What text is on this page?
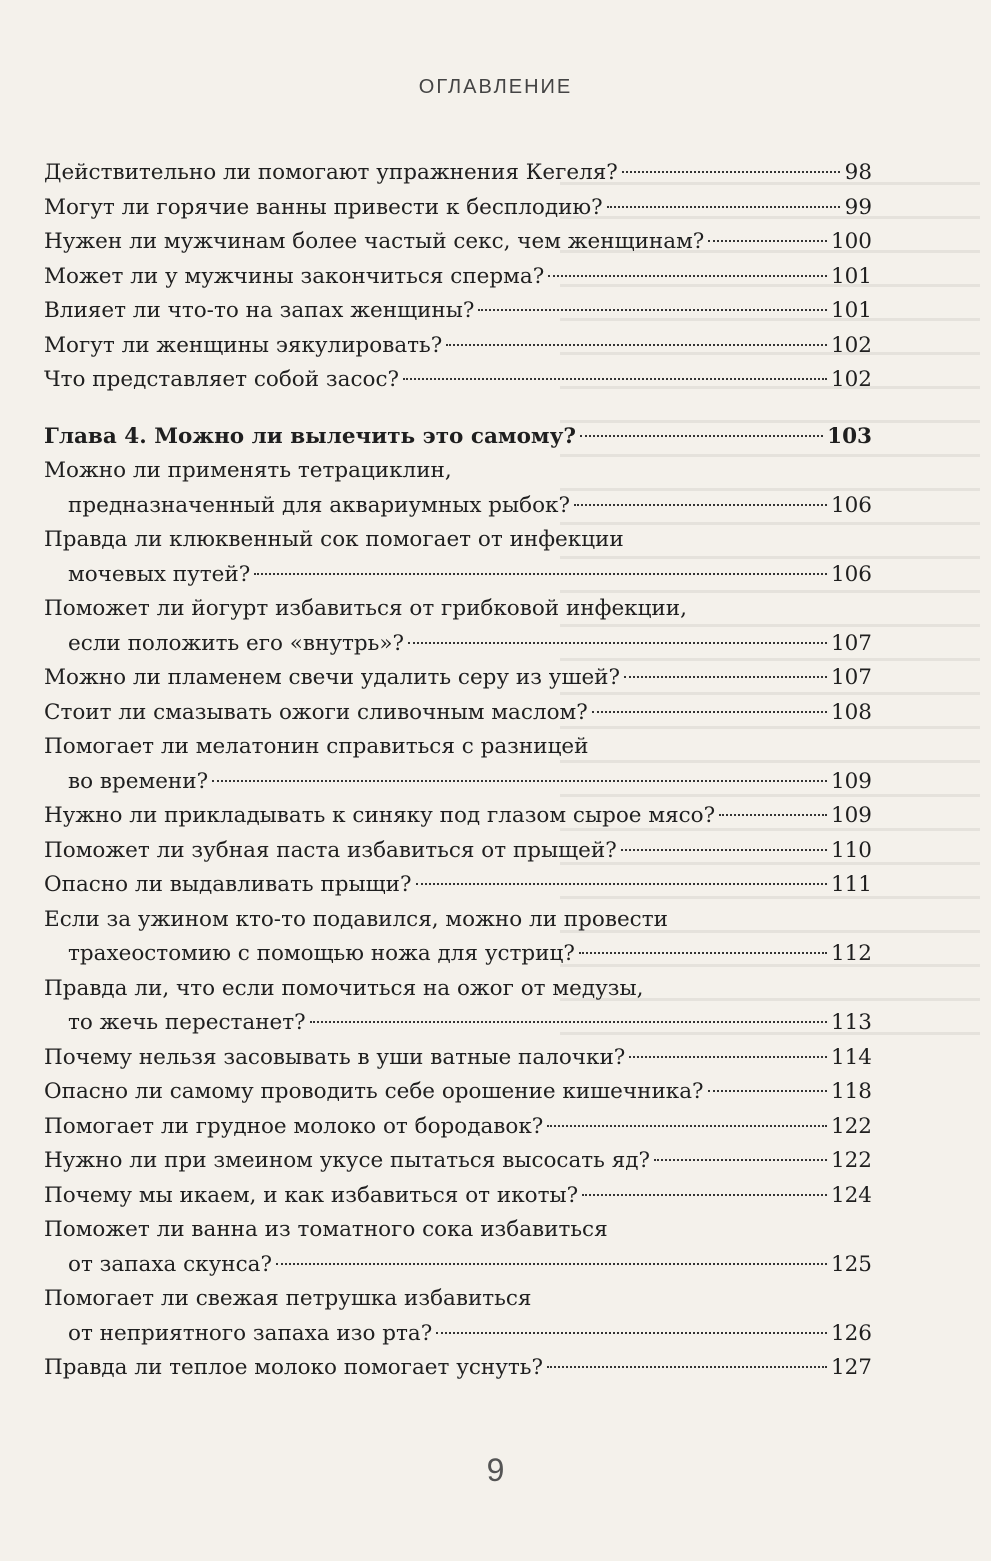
ОГЛАВЛЕНИЕ
Действительно ли помогают упражнения Кегеля?	98
Могут ли горячие ванны привести к бесплодию?	99
Нужен ли мужчинам более частый секс, чем женщинам?	100
Может ли у мужчины закончиться сперма?	101
Влияет ли что-то на запах женщины?	101
Могут ли женщины эякулировать?	102
Что представляет собой засос?	102
Глава 4. Можно ли вылечить это самому?	103
Можно ли применять тетрациклин,
предназначенный для аквариумных рыбок?	106
Правда ли клюквенный сок помогает от инфекции
мочевых путей?	106
Поможет ли йогурт избавиться от грибковой инфекции,
если положить его «внутрь»?	107
Можно ли пламенем свечи удалить серу из ушей?	107
Стоит ли смазывать ожоги сливочным маслом?	108
Помогает ли мелатонин справиться с разницей
во времени?	109
Нужно ли прикладывать к синяку под глазом сырое мясо?	109
Поможет ли зубная паста избавиться от прыщей?	110
Опасно ли выдавливать прыщи?	111
Если за ужином кто-то подавился, можно ли провести
трахеостомию с помощью ножа для устриц?	112
Правда ли, что если помочиться на ожог от медузы,
то жечь перестанет?	113
Почему нельзя засовывать в уши ватные палочки?	114
Опасно ли самому проводить себе орошение кишечника?	118
Помогает ли грудное молоко от бородавок?	122
Нужно ли при змеином укусе пытаться высосать яд?	122
Почему мы икаем, и как избавиться от икоты?	124
Поможет ли ванна из томатного сока избавиться
от запаха скунса?	125
Помогает ли свежая петрушка избавиться
от неприятного запаха изо рта?	126
Правда ли теплое молоко помогает уснуть?	127
9
